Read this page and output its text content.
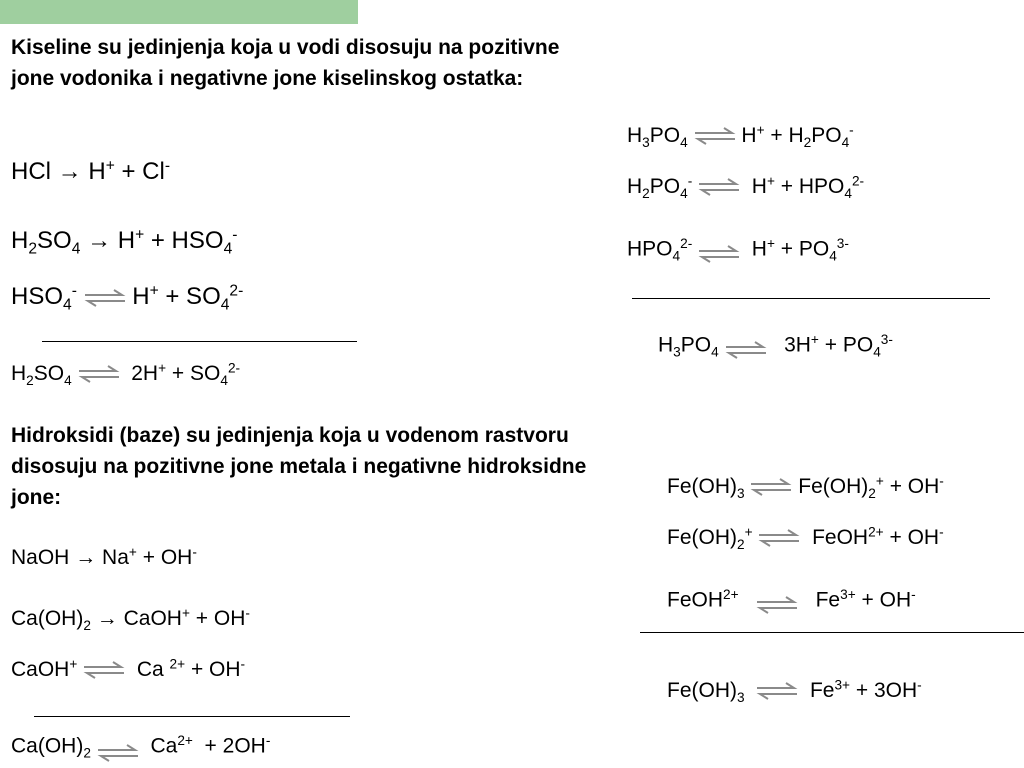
Kiseline su jedinjenja koja u vodi disosuju na pozitivne jone vodonika i negativne jone kiselinskog ostatka:
HCl → H+ + Cl-
$H_2SO_4 \to H^+ + HSO_4^-$
$HSO_4^-$ ⇌ $H^+ + SO_4^{2-}$
$H_2SO_4$ ⇌ $2H^+ + SO_4^{2-}$
Hidroksidi (baze) su jedinjenja koja u vodenom rastvoru disosuju na pozitivne jone metala i negativne hidroksidne jone:
NaOH → Na+ + OH-
$Ca(OH)_2$ → CaOH+ + OH-
CaOH+ ⇌ Ca $^{2+}$ + OH-
$Ca(OH)_2$ ⇌ $Ca^{2+} + 2OH^-$
$H_3PO_4$ ⇌ $H^+ + H_2PO_4^-$
$H_2PO_4^-$ ⇌ $H^+ + HPO_4^{2-}$
$HPO_4^{2-}$ ⇌ $H^+ + PO_4^{3-}$
$H_3PO_4$ ⇌ $3H^+ + PO_4^{3-}$
$Fe(OH)_3$ ⇌ $Fe(OH)_2^+ + OH^-$
$Fe(OH)_2^+$ ⇌ FeOH$^{2+}$ + OH-
FeOH$^{2+}$ ⇌ $Fe^{3+} + OH^-$
$Fe(OH)_3$ ⇌ $Fe^{3+} + 3OH^-$
